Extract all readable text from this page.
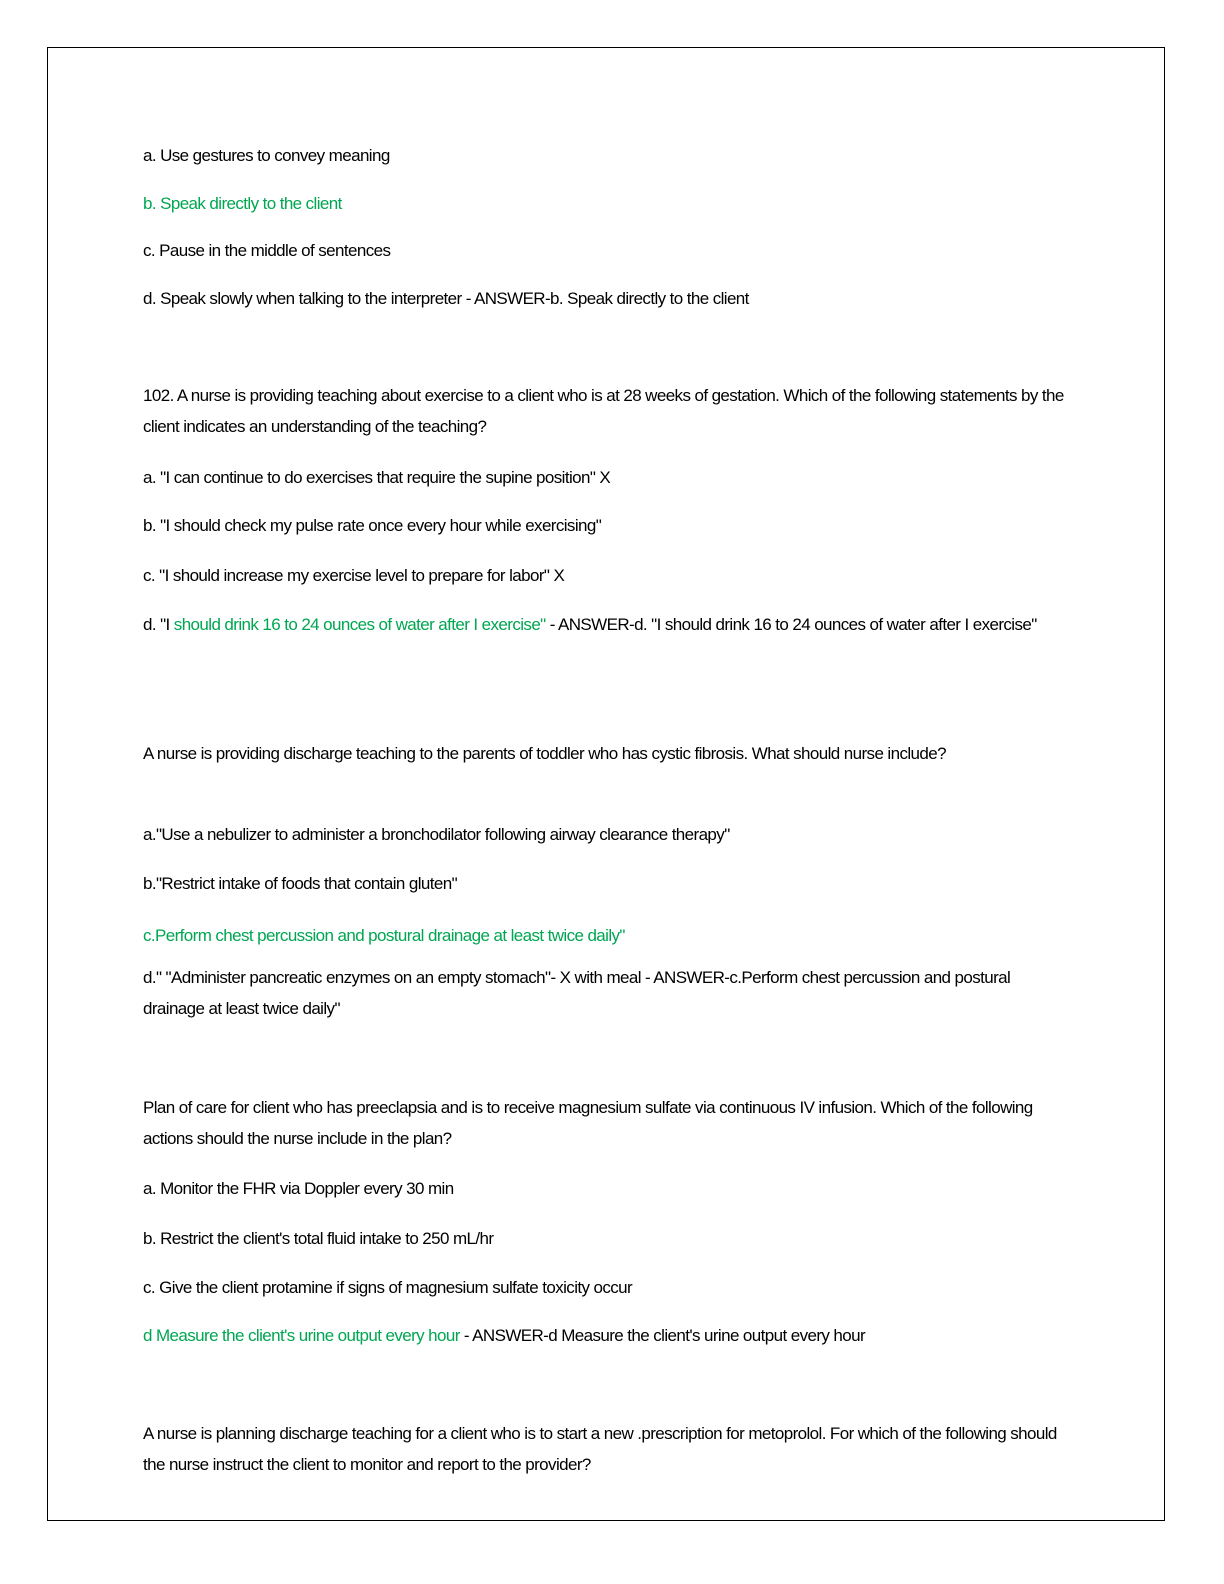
a. Use gestures to convey meaning

b. Speak directly to the client

c. Pause in the middle of sentences

d. Speak slowly when talking to the interpreter - ANSWER-b. Speak directly to the client

102. A nurse is providing teaching about exercise to a client who is at 28 weeks of gestation. Which of the following statements by the client indicates an understanding of the teaching?

a. "I can continue to do exercises that require the supine position" X

b. "I should check my pulse rate once every hour while exercising"

c. "I should increase my exercise level to prepare for labor" X

d. "I should drink 16 to 24 ounces of water after I exercise" - ANSWER-d. "I should drink 16 to 24 ounces of water after I exercise"

A nurse is providing discharge teaching to the parents of toddler who has cystic fibrosis. What should nurse include?

a."Use a nebulizer to administer a bronchodilator following airway clearance therapy"

b."Restrict intake of foods that contain gluten"

c.Perform chest percussion and postural drainage at least twice daily"

d." "Administer pancreatic enzymes on an empty stomach"- X with meal - ANSWER-c.Perform chest percussion and postural drainage at least twice daily"

Plan of care for client who has preeclapsia and is to receive magnesium sulfate via continuous IV infusion. Which of the following actions should the nurse include in the plan?

a. Monitor the FHR via Doppler every 30 min

b. Restrict the client's total fluid intake to 250 mL/hr

c. Give the client protamine if signs of magnesium sulfate toxicity occur

d Measure the client's urine output every hour - ANSWER-d Measure the client's urine output every hour

A nurse is planning discharge teaching for a client who is to start a new .prescription for metoprolol. For which of the following should the nurse instruct the client to monitor and report to the provider?
